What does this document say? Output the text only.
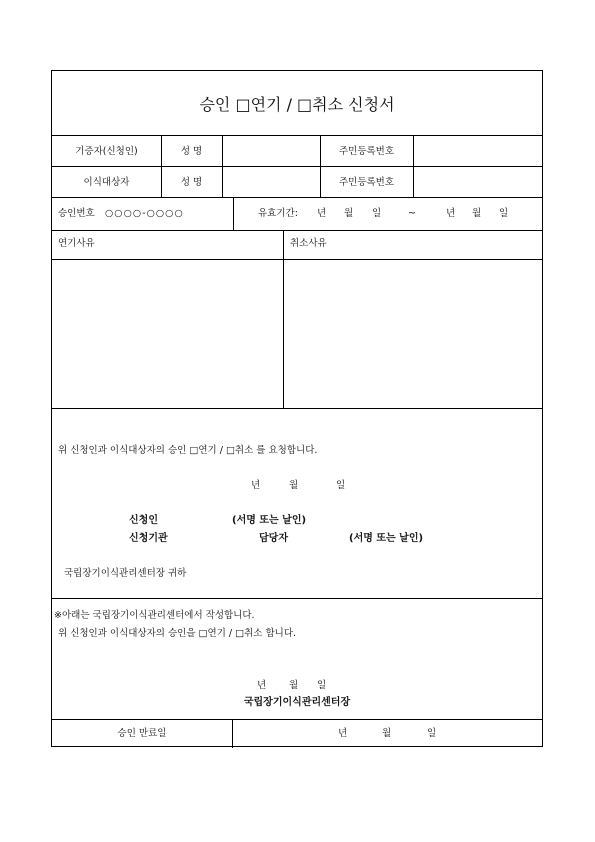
승인 □연기 / □취소 신청서
기증자(신청인)	성 명	주민등록번호
이식대상자	성 명	주민등록번호
승인번호 ○○○○-○○○○	유효기간: 년 월 일	~	년 월 일
연기사유	취소사유
위 신청인과 이식대상자의 승인 □연기 / □취소 를 요청합니다.
년	월	일
신청인	(서명 또는 날인)
신청기관	담당자	(서명 또는 날인)
국립장기이식관리센터장 귀하
※아래는 국립장기이식관리센터에서 작성합니다.
위 신청인과 이식대상자의 승인을 □연기 / □취소 합니다.
년 월 일
국립장기이식관리센터장
승인 만료일	년	월	일
